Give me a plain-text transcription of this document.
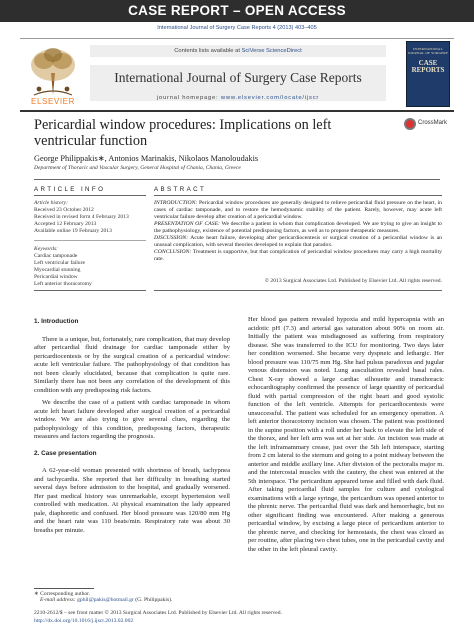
CASE REPORT – OPEN ACCESS
International Journal of Surgery Case Reports 4 (2013) 403–405
ELSEVIER
Contents lists available at SciVerse ScienceDirect
International Journal of Surgery Case Reports
journal homepage: www.elsevier.com/locate/ijscr
INTERNATIONAL JOURNAL OF SURGERY
CASE REPORTS
Pericardial window procedures: Implications on left ventricular function
CrossMark
George Philippakis∗, Antonios Marinakis, Nikolaos Manoloudakis
Department of Thoracic and Vascular Surgery, General Hospital of Chania, Chania, Greece
ARTICLE INFO	ABSTRACT
Article history:
Received 23 October 2012
Received in revised form 4 February 2013
Accepted 12 February 2013
Available online 19 February 2013
Keywords:
Cardiac tamponade
Left ventricular failure
Myocardial stunning
Pericardial window
Left anterior thoracotomy

INTRODUCTION: Pericardial window procedures are generally designed to relieve pericardial fluid pressure on the heart, in cases of cardiac tamponade, and to restore the hemodynamic stability of the patient. Rarely, however, may acute left ventricular failure develop after creation of a pericardial window.

PRESENTATION OF CASE: We describe a patient in whom that complication developed. We are trying to give an insight to the pathophysiology, existence of potential predisposing factors, as well as to propose therapeutic measures.

DISCUSSION: Acute heart failure, developing after pericardiocentesis or surgical creation of a pericardial window is an unusual complication, with several theories developed to explain that paradox.

CONCLUSION: Treatment is supportive, but that complication of pericardial window procedures may carry a high mortality rate.

© 2013 Surgical Associates Ltd. Published by Elsevier Ltd. All rights reserved.
1. Introduction

There is a unique, but, fortunately, rare complication, that may develop after pericardial fluid drainage for cardiac tamponade either by pericardiocentesis or by the surgical creation of a pericardial window: acute left ventricular failure. The pathophysiology of that condition has not been clearly elucidated, because that complication is quite rare. Similarly there has not been any correlation of the development of this condition with any predisposing risk factors.

We describe the case of a patient with cardiac tamponade in whom acute left heart failure developed after surgical creation of a pericardial window. We are also trying to give several clues, regarding the pathophysiology of this condition, predisposing factors, therapeutic measures and factors regarding the prognosis.

2. Case presentation

A 62-year-old woman presented with shortness of breath, tachypnea and tachycardia. She reported that her difficulty in breathing started several days before admission to the hospital, and gradually worsened. Her past medical history was unremarkable, except hypertension well controlled with medication. At physical examination the lady appeared pale, diaphoretic and confused. Her blood pressure was 120/80 mm Hg and the heart rate was 110 beats/min. Respiratory rate was about 30 breaths per minute.

Her blood gas pattern revealed hypoxia and mild hypercapnia with an acidotic pH (7.3) and arterial gas saturation about 90% on room air. Initially the patient was misdiagnosed as suffering from respiratory disease. She was transferred to the ICU for monitoring. Two days later her condition worsened. She became very dyspneic and lethargic. Her blood pressure was 110/75 mm Hg. She had pulsus paradoxus and jugular venous distension was noted. Lung auscultation revealed basal rales. Chest X-ray showed a large cardiac silhouette and transthoracic echocardiography confirmed the presence of large quantity of pericardial fluid with partial compression of the right heart and good systolic function of the left ventricle. Attempts for pericardiocentesis were unsuccessful. The patient was scheduled for an emergency operation. A left anterior thoracotomy incision was chosen. The patient was positioned in the supine position with a roll under her back to elevate the left side of the thorax, and her left arm was set at her side. An incision was made at the left inframammary crease, just over the 5th left interspace, starting from 2 cm lateral to the sternum and going to a point midway between the anterior and middle axillary line. After division of the pectoralis major m. and the intercostal muscles with the cautery, the chest was entered at the 5th interspace. The pericardium appeared tense and filled with dark fluid. After taking pericardial fluid samples for culture and cytological examinations with a large syringe, the pericardium was opened anterior to the phrenic nerve. The pericardial fluid was dark and hemorrhagic, but no other significant finding was encountered. After making a generous pericardial window, by excising a large piece of pericardium anterior to the phrenic nerve, and checking for hemostasis, the chest was closed as per routine, after placing two chest tubes, one in the pericardial cavity and the other in the left pleural cavity.

∗ Corresponding author.
E-mail address: gphil@pakis@hotmail.gr (G. Philippakis).
2210-2612/$ – see front matter © 2013 Surgical Associates Ltd. Published by Elsevier Ltd. All rights reserved.
http://dx.doi.org/10.1016/j.ijscr.2013.02.002
